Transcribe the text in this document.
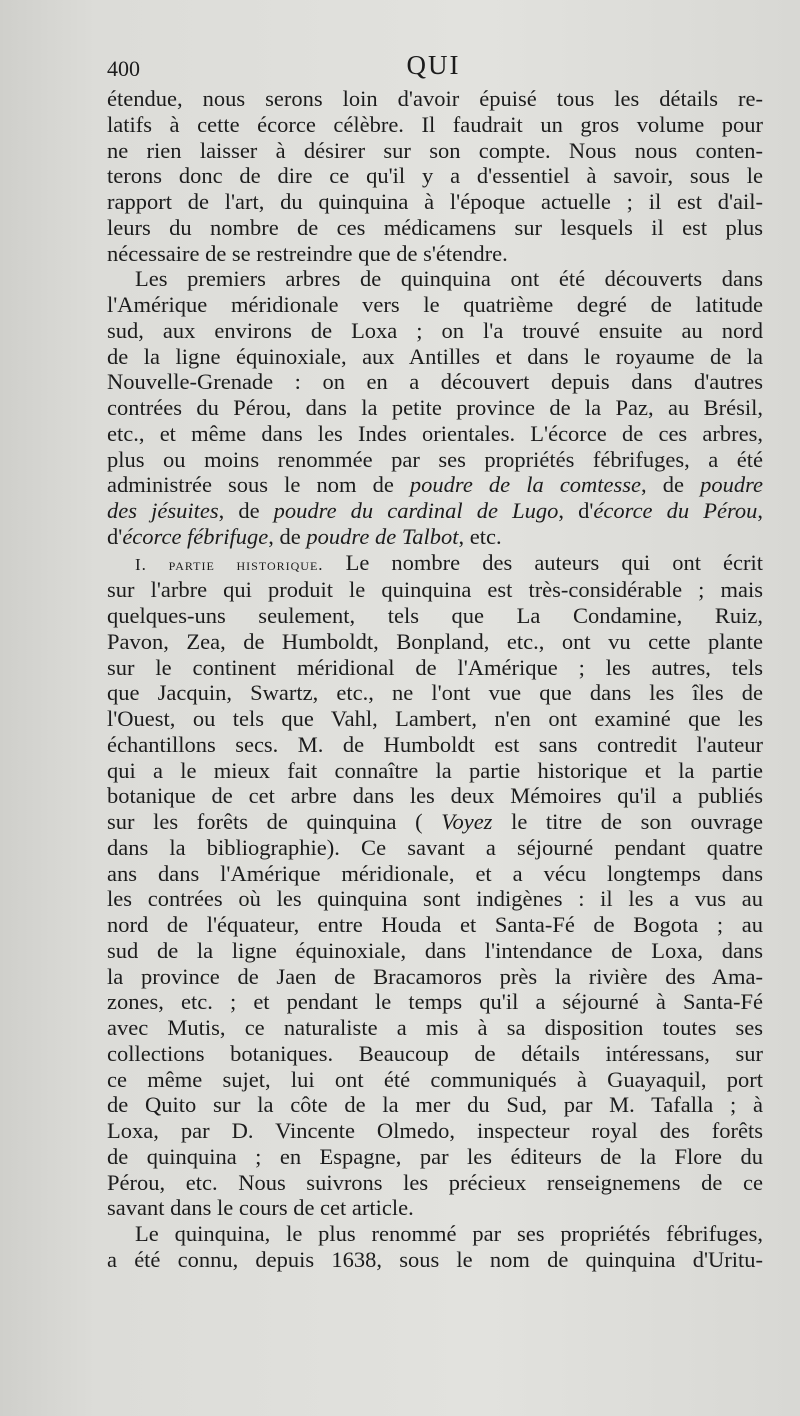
400	QUI

étendue, nous serons loin d'avoir épuisé tous les détails re-
latifs à cette écorce célèbre. Il faudrait un gros volume pour
ne rien laisser à désirer sur son compte. Nous nous conten-
terons donc de dire ce qu'il y a d'essentiel à savoir, sous le
rapport de l'art, du quinquina à l'époque actuelle ; il est d'ail-
leurs du nombre de ces médicamens sur lesquels il est plus
nécessaire de se restreindre que de s'étendre.

Les premiers arbres de quinquina ont été découverts dans
l'Amérique méridionale vers le quatrième degré de latitude
sud, aux environs de Loxa ; on l'a trouvé ensuite au nord
de la ligne équinoxiale, aux Antilles et dans le royaume de la
Nouvelle-Grenade : on en a découvert depuis dans d'autres
contrées du Pérou, dans la petite province de la Paz, au Brésil,
etc., et même dans les Indes orientales. L'écorce de ces arbres,
plus ou moins renommée par ses propriétés fébrifuges, a été
administrée sous le nom de poudre de la comtesse, de poudre
des jésuites, de poudre du cardinal de Lugo, d'écorce du Pérou,
d'écorce fébrifuge, de poudre de Talbot, etc.

I. partie historique. Le nombre des auteurs qui ont écrit
sur l'arbre qui produit le quinquina est très-considérable ; mais
quelques-uns seulement, tels que La Condamine, Ruiz,
Pavon, Zea, de Humboldt, Bonpland, etc., ont vu cette plante
sur le continent méridional de l'Amérique ; les autres, tels
que Jacquin, Swartz, etc., ne l'ont vue que dans les îles de
l'Ouest, ou tels que Vahl, Lambert, n'en ont examiné que les
échantillons secs. M. de Humboldt est sans contredit l'auteur
qui a le mieux fait connaître la partie historique et la partie
botanique de cet arbre dans les deux Mémoires qu'il a publiés
sur les forêts de quinquina ( Voyez le titre de son ouvrage
dans la bibliographie). Ce savant a séjourné pendant quatre
ans dans l'Amérique méridionale, et a vécu longtemps dans
les contrées où les quinquina sont indigènes : il les a vus au
nord de l'équateur, entre Houda et Santa-Fé de Bogota ; au
sud de la ligne équinoxiale, dans l'intendance de Loxa, dans
la province de Jaen de Bracamoros près la rivière des Ama-
zones, etc. ; et pendant le temps qu'il a séjourné à Santa-Fé
avec Mutis, ce naturaliste a mis à sa disposition toutes ses
collections botaniques. Beaucoup de détails intéressans, sur
ce même sujet, lui ont été communiqués à Guayaquil, port
de Quito sur la côte de la mer du Sud, par M. Tafalla ; à
Loxa, par D. Vincente Olmedo, inspecteur royal des forêts
de quinquina ; en Espagne, par les éditeurs de la Flore du
Pérou, etc. Nous suivrons les précieux renseignemens de ce
savant dans le cours de cet article.

Le quinquina, le plus renommé par ses propriétés fébrifuges,
a été connu, depuis 1638, sous le nom de quinquina d'Uritu-
